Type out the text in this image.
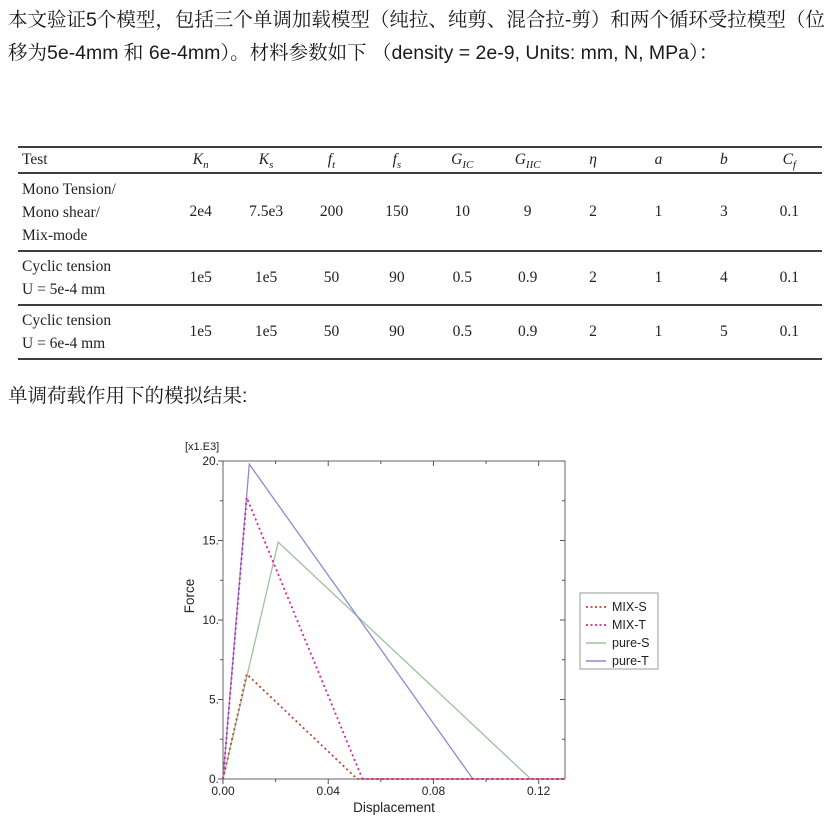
本文验证5个模型，包括三个单调加载模型（纯拉、纯剪、混合拉-剪）和两个循环受拉模型（位移为5e-4mm 和 6e-4mm）。材料参数如下 （density = 2e-9, Units: mm, N, MPa）：

Test	$K_n$	$K_s$	$f_t$	$f_s$	$G_{IC}$	$G_{IIC}$	η	a	b	$C_f$

Mono Tension/
Mono shear/
Mix-mode	2e4	7.5e3	200	150	10	9	2	1	3	0.1

Cyclic tension
U = 5e-4 mm	1e5	1e5	50	90	0.5	0.9	2	1	4	0.1

Cyclic tension
U = 6e-4 mm	1e5	1e5	50	90	0.5	0.9	2	1	5	0.1

单调荷载作用下的模拟结果:

0.00	0.04	0.08	0.12
0.
5.
10.
15.
20.
Displacement
Force
[x1.E3]
MIX-S
MIX-T
pure-S
pure-T
